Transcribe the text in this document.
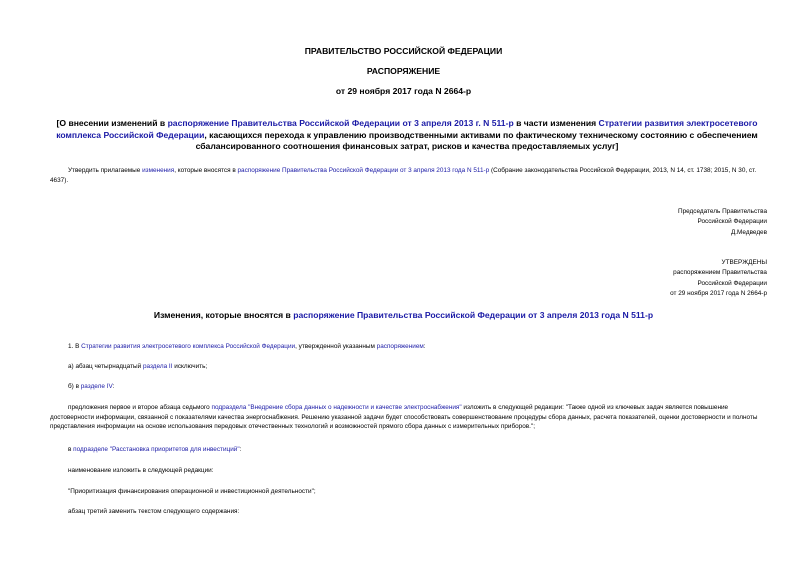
ПРАВИТЕЛЬСТВО РОССИЙСКОЙ ФЕДЕРАЦИИ
РАСПОРЯЖЕНИЕ
от 29 ноября 2017 года N 2664-р
[О внесении изменений в распоряжение Правительства Российской Федерации от 3 апреля 2013 г. N 511-р в части изменения Стратегии развития электросетевого комплекса Российской Федерации, касающихся перехода к управлению производственными активами по фактическому техническому состоянию с обеспечением сбалансированного соотношения финансовых затрат, рисков и качества предоставляемых услуг]
Утвердить прилагаемые изменения, которые вносятся в распоряжение Правительства Российской Федерации от 3 апреля 2013 года N 511-р (Собрание законодательства Российской Федерации, 2013, N 14, ст. 1738; 2015, N 30, ст. 4637).
Председатель Правительства
Российской Федерации
Д.Медведев
УТВЕРЖДЕНЫ
распоряжением Правительства
Российской Федерации
от 29 ноября 2017 года N 2664-р
Изменения, которые вносятся в распоряжение Правительства Российской Федерации от 3 апреля 2013 года N 511-р
1. В Стратегии развития электросетевого комплекса Российской Федерации, утвержденной указанным распоряжением:
а) абзац четырнадцатый раздела II исключить;
б) в разделе IV:
предложения первое и второе абзаца седьмого подраздела "Внедрение сбора данных о надежности и качестве электроснабжения" изложить в следующей редакции: "Также одной из ключевых задач является повышение достоверности информации, связанной с показателями качества энергоснабжения. Решению указанной задачи будет способствовать совершенствование процедуры сбора данных, расчета показателей, оценки достоверности и полноты представления информации на основе использования передовых отечественных технологий и возможностей прямого сбора данных с измерительных приборов.";
в подразделе "Расстановка приоритетов для инвестиций":
наименование изложить в следующей редакции:
"Приоритизация финансирования операционной и инвестиционной деятельности";
абзац третий заменить текстом следующего содержания:
